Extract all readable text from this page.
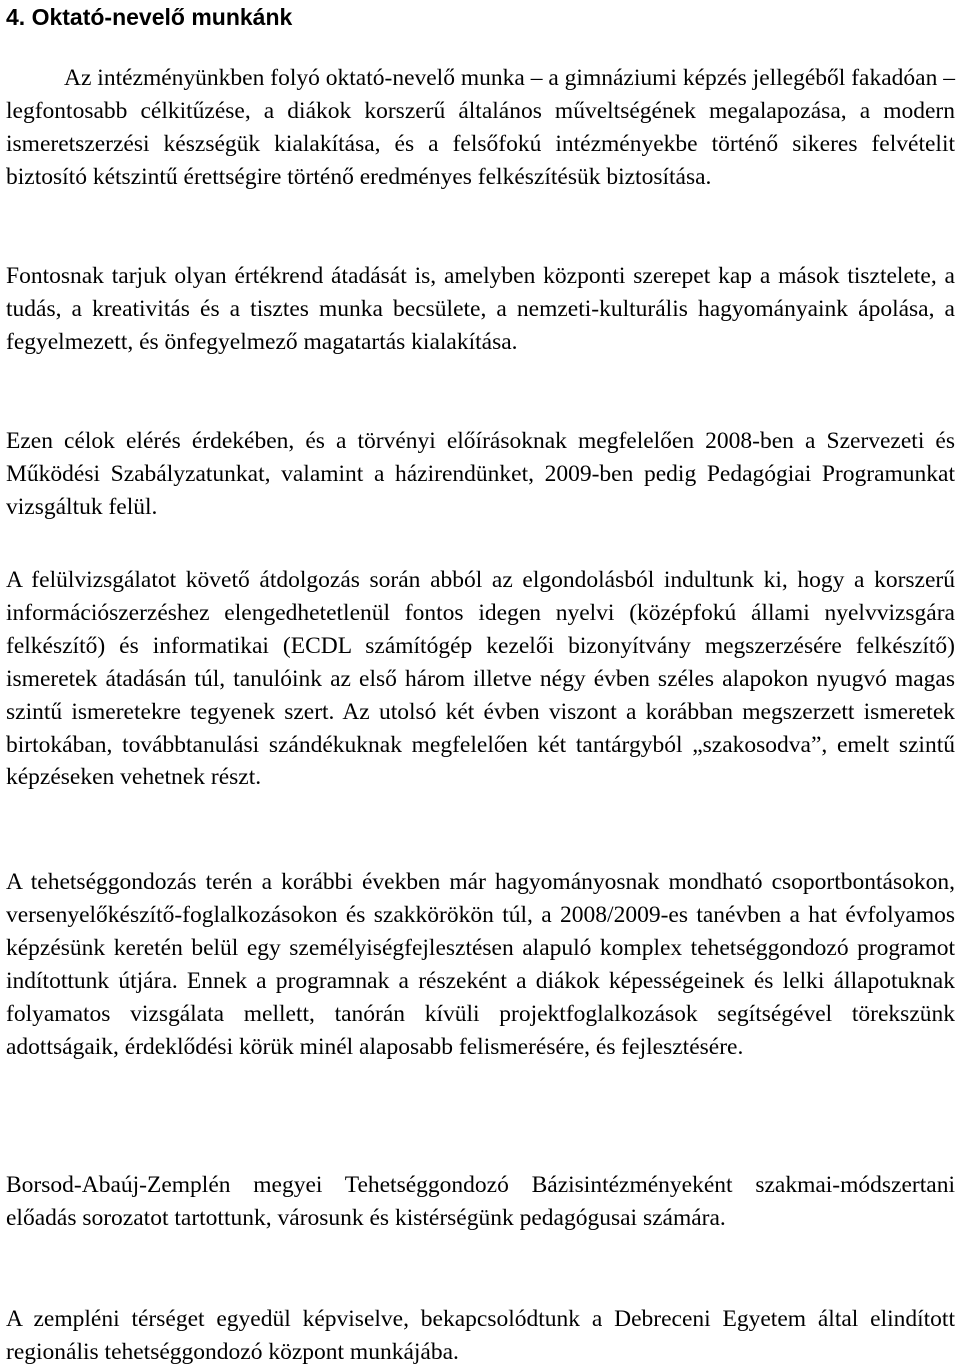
4. Oktató-nevelő munkánk

Az intézményünkben folyó oktató-nevelő munka – a gimnáziumi képzés jellegéből fakadóan – legfontosabb célkitűzése, a diákok korszerű általános műveltségének megalapozása, a modern ismeretszerzési készségük kialakítása, és a felsőfokú intézményekbe történő sikeres felvételit biztosító kétszintű érettségire történő eredményes felkészítésük biztosítása.

Fontosnak tarjuk olyan értékrend átadását is, amelyben központi szerepet kap a mások tisztelete, a tudás, a kreativitás és a tisztes munka becsülete, a nemzeti-kulturális hagyományaink ápolása, a fegyelmezett, és önfegyelmező magatartás kialakítása.

Ezen célok elérés érdekében, és a törvényi előírásoknak megfelelően 2008-ben a Szervezeti és Működési Szabályzatunkat, valamint a házirendünket, 2009-ben pedig Pedagógiai Programunkat vizsgáltuk felül.

A felülvizsgálatot követő átdolgozás során abból az elgondolásból indultunk ki, hogy a korszerű információszerzéshez elengedhetetlenül fontos idegen nyelvi (középfokú állami nyelvvizsgára felkészítő) és informatikai (ECDL számítógép kezelői bizonyítvány megszerzésére felkészítő) ismeretek átadásán túl, tanulóink az első három illetve négy évben széles alapokon nyugvó magas szintű ismeretekre tegyenek szert. Az utolsó két évben viszont a korábban megszerzett ismeretek birtokában, továbbtanulási szándékuknak megfelelően két tantárgyból „szakosodva”, emelt szintű képzéseken vehetnek részt.

A tehetséggondozás terén a korábbi években már hagyományosnak mondható csoportbontásokon, versenyelőkészítő-foglalkozásokon és szakkörökön túl, a 2008/2009-es tanévben a hat évfolyamos képzésünk keretén belül egy személyiségfejlesztésen alapuló komplex tehetséggondozó programot indítottunk útjára. Ennek a programnak a részeként a diákok képességeinek és lelki állapotuknak folyamatos vizsgálata mellett, tanórán kívüli projektfoglalkozások segítségével törekszünk adottságaik, érdeklődési körük minél alaposabb felismerésére, és fejlesztésére.

Borsod-Abaúj-Zemplén megyei Tehetséggondozó Bázisintézményeként szakmai-módszertani előadás sorozatot tartottunk, városunk és kistérségünk pedagógusai számára.

A zempléni térséget egyedül képviselve, bekapcsolódtunk a Debreceni Egyetem által elindított regionális tehetséggondozó központ munkájába.
